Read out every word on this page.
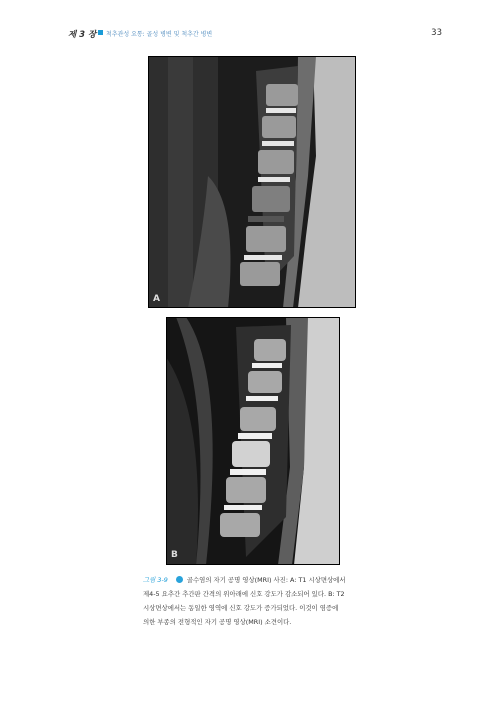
제 3 장 척추관성 요통: 골성 병변 및 척추간 병변	33
A
B

그림 3-9	골수염의 자기 공명 영상(MRI) 사진: A: T1 시상면상에서

제4-5 요추간 추간판 간격의 위아래에 신호 강도가 감소되어 있다. B: T2

시상면상에서는 동일한 영역에 신호 강도가 증가되었다. 이것이 염증에

의한 부종의 전형적인 자기 공명 영상(MRI) 소견이다.
